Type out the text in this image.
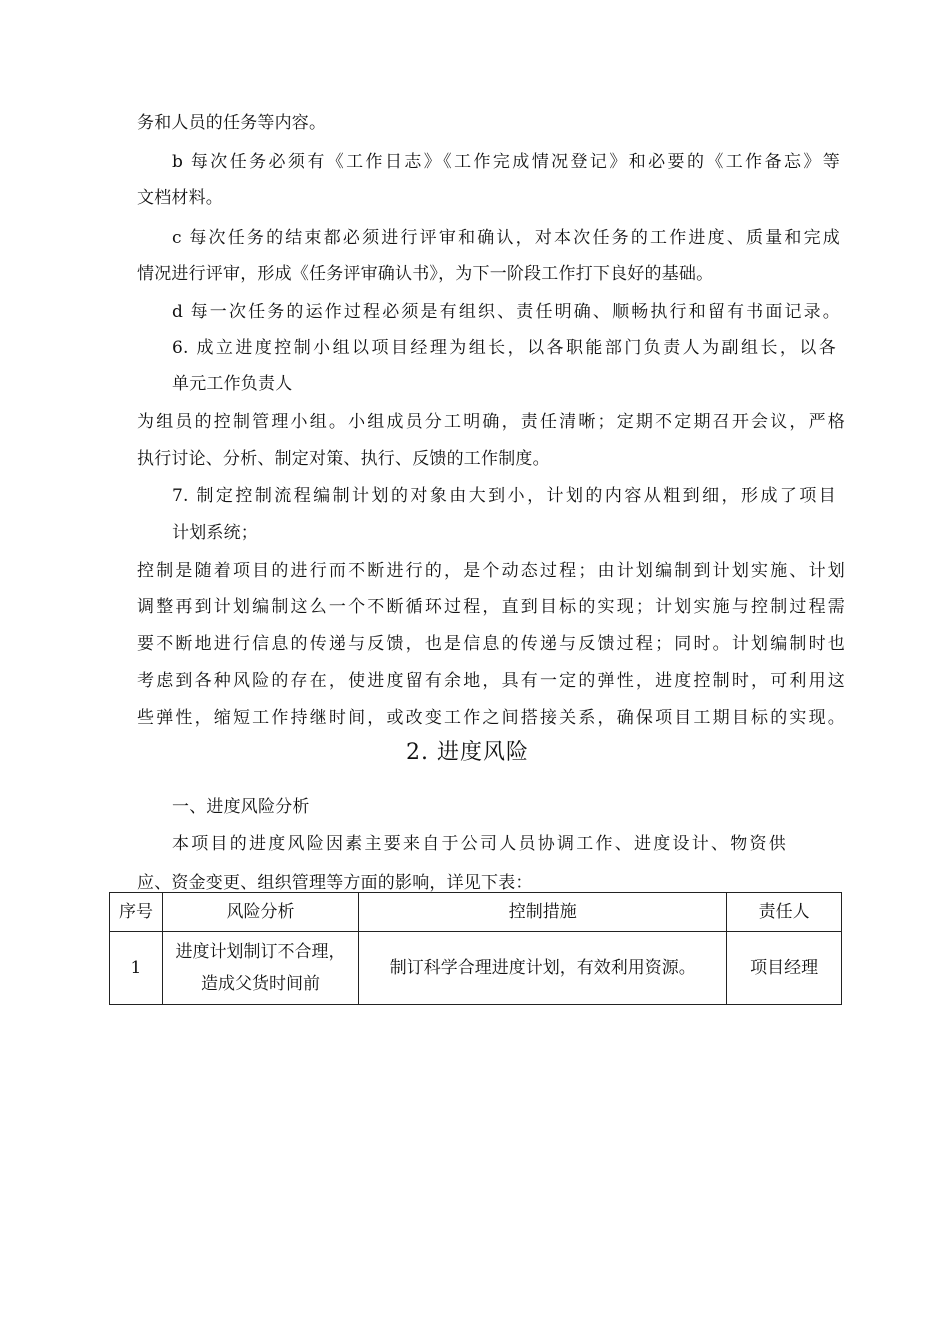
务和人员的任务等内容。
b 每次任务必须有《工作日志》《工作完成情况登记》和必要的《工作备忘》等
文档材料。
c 每次任务的结束都必须进行评审和确认，对本次任务的工作进度、质量和完成
情况进行评审，形成《任务评审确认书》，为下一阶段工作打下良好的基础。
d 每一次任务的运作过程必须是有组织、责任明确、顺畅执行和留有书面记录。
6. 成立进度控制小组以项目经理为组长，以各职能部门负责人为副组长，以各
单元工作负责人
为组员的控制管理小组。小组成员分工明确，责任清晰；定期不定期召开会议，严格
执行讨论、分析、制定对策、执行、反馈的工作制度。
7. 制定控制流程编制计划的对象由大到小，计划的内容从粗到细，形成了项目
计划系统；
控制是随着项目的进行而不断进行的，是个动态过程；由计划编制到计划实施、计划
调整再到计划编制这么一个不断循环过程，直到目标的实现；计划实施与控制过程需
要不断地进行信息的传递与反馈，也是信息的传递与反馈过程；同时。计划编制时也
考虑到各种风险的存在，使进度留有余地，具有一定的弹性，进度控制时，可利用这
些弹性，缩短工作持继时间，或改变工作之间搭接关系，确保项目工期目标的实现。
2. 进度风险
一、进度风险分析
本项目的进度风险因素主要来自于公司人员协调工作、进度设计、物资供
应、资金变更、组织管理等方面的影响，详见下表：
序号	风险分析	控制措施	责任人
1	进度计划制订不合理，造成父货时间前	制订科学合理进度计划，有效利用资源。	项目经理
